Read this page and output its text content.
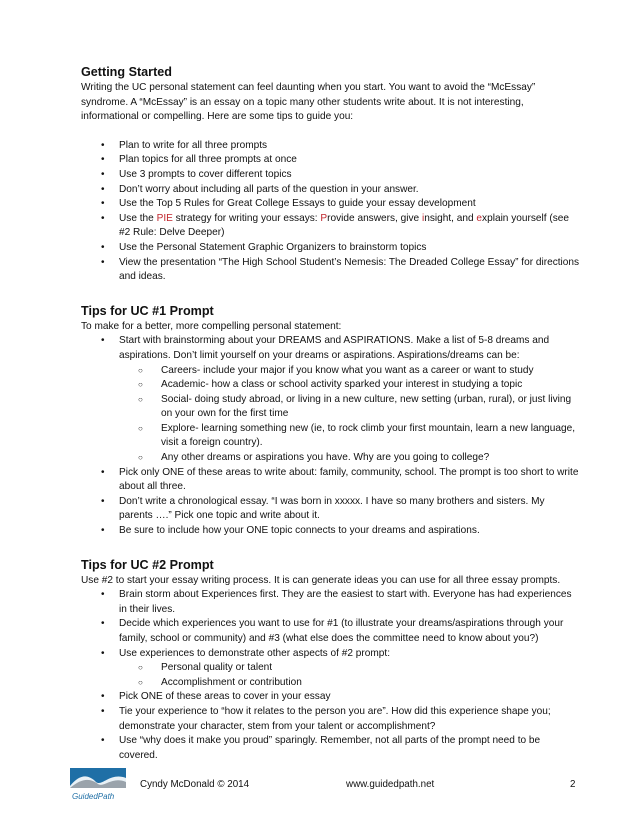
Getting Started

Writing the UC personal statement can feel daunting when you start. You want to avoid the “McEssay” syndrome. A “McEssay” is an essay on a topic many other students write about. It is not interesting, informational or compelling. Here are some tips to guide you:

• Plan to write for all three prompts
• Plan topics for all three prompts at once
• Use 3 prompts to cover different topics
• Don’t worry about including all parts of the question in your answer.
• Use the Top 5 Rules for Great College Essays to guide your essay development
• Use the PIE strategy for writing your essays: Provide answers, give insight, and explain yourself (see #2 Rule: Delve Deeper)
• Use the Personal Statement Graphic Organizers to brainstorm topics
• View the presentation “The High School Student’s Nemesis: The Dreaded College Essay” for directions and ideas.
Tips for UC #1 Prompt

To make for a better, more compelling personal statement:

• Start with brainstorming about your DREAMS and ASPIRATIONS. Make a list of 5-8 dreams and aspirations. Don’t limit yourself on your dreams or aspirations. Aspirations/dreams can be:
○ Careers- include your major if you know what you want as a career or want to study
○ Academic- how a class or school activity sparked your interest in studying a topic
○ Social- doing study abroad, or living in a new culture, new setting (urban, rural), or just living on your own for the first time
○ Explore- learning something new (ie, to rock climb your first mountain, learn a new language, visit a foreign country).
○ Any other dreams or aspirations you have. Why are you going to college?
• Pick only ONE of these areas to write about: family, community, school. The prompt is too short to write about all three.
• Don’t write a chronological essay. “I was born in xxxxx. I have so many brothers and sisters. My parents ….” Pick one topic and write about it.
• Be sure to include how your ONE topic connects to your dreams and aspirations.
Tips for UC #2 Prompt

Use #2 to start your essay writing process. It is can generate ideas you can use for all three essay prompts.

• Brain storm about Experiences first. They are the easiest to start with. Everyone has had experiences in their lives.
• Decide which experiences you want to use for #1 (to illustrate your dreams/aspirations through your family, school or community) and #3 (what else does the committee need to know about you?)
• Use experiences to demonstrate other aspects of #2 prompt:
○ Personal quality or talent
○ Accomplishment or contribution
• Pick ONE of these areas to cover in your essay
• Tie your experience to “how it relates to the person you are”. How did this experience shape you; demonstrate your character, stem from your talent or accomplishment?
• Use “why does it make you proud” sparingly. Remember, not all parts of the prompt need to be covered.
GuidedPath
Cyndy McDonald © 2014	www.guidedpath.net	2
